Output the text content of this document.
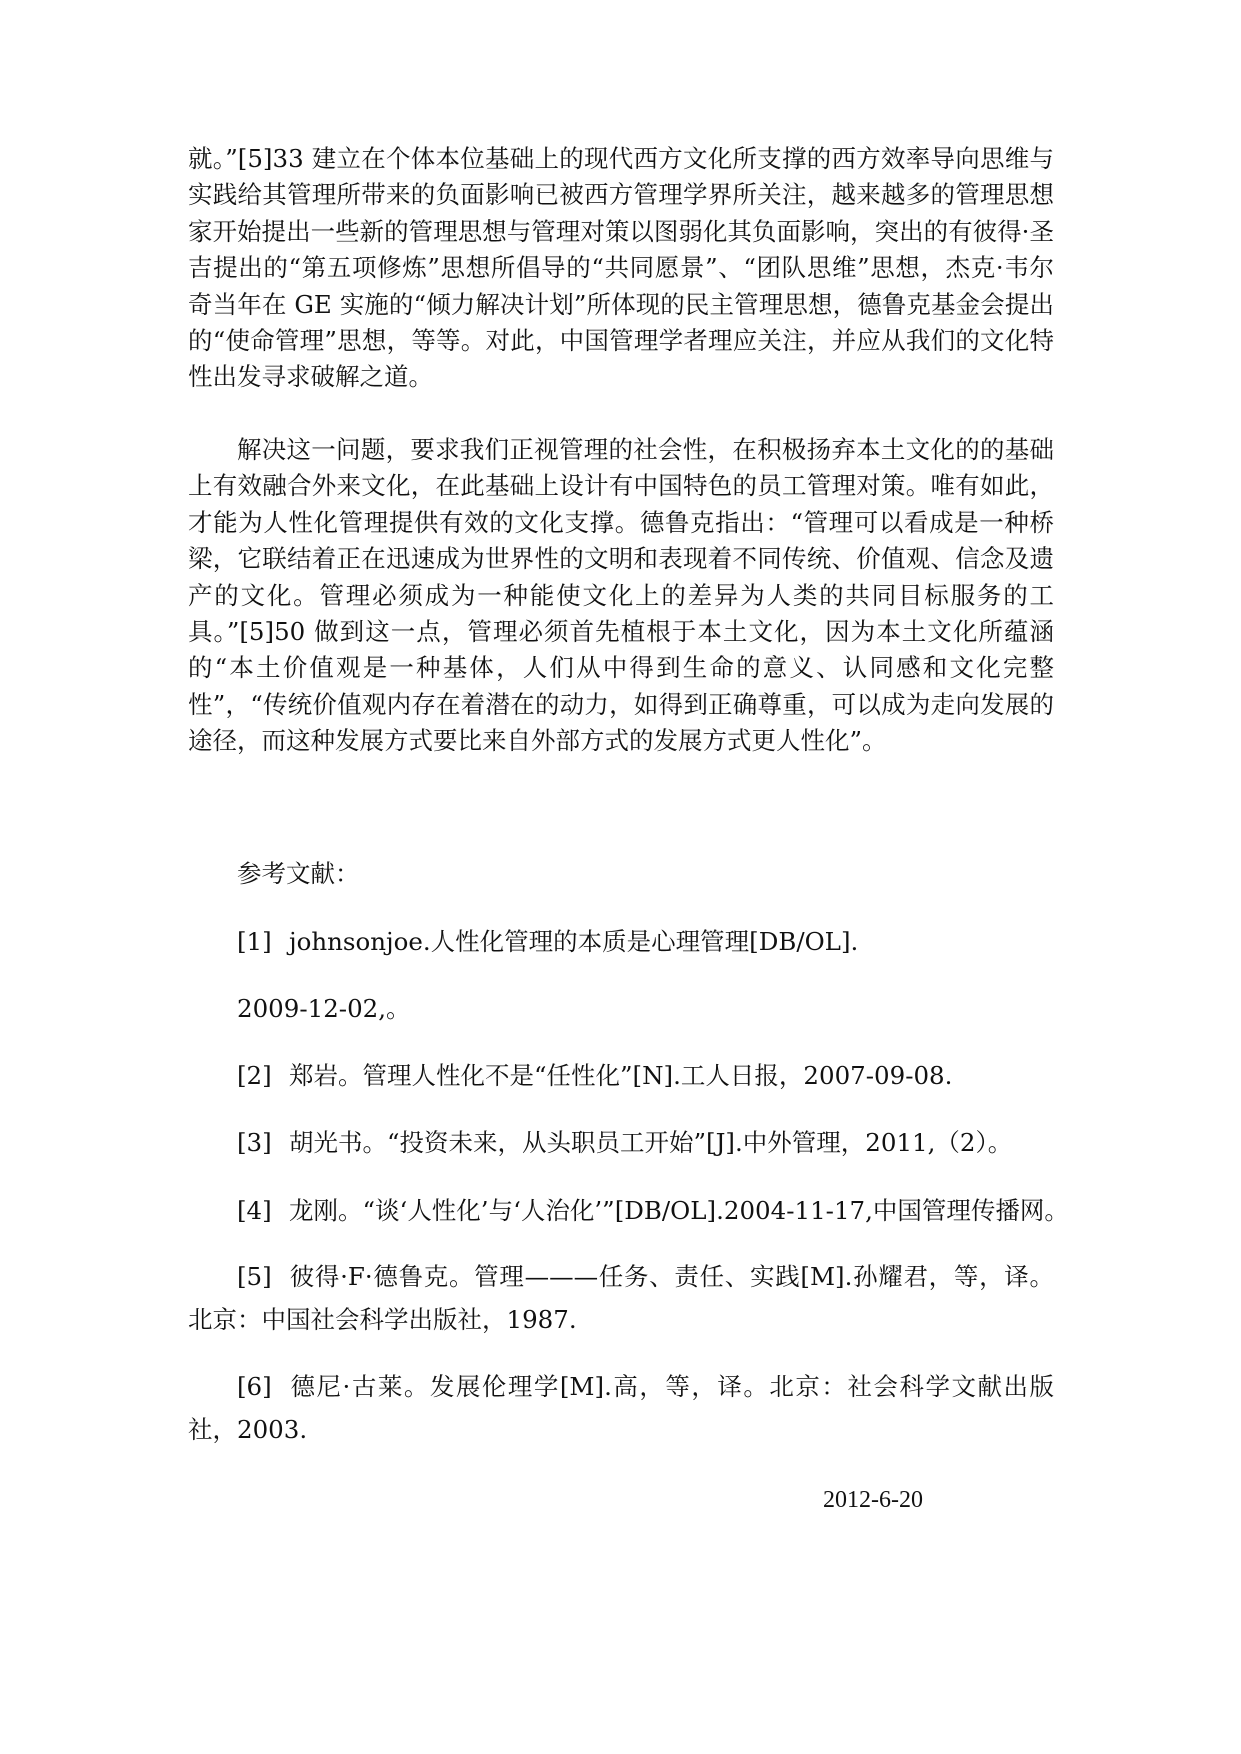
就。”[5]33 建立在个体本位基础上的现代西方文化所支撑的西方效率导向思维与实践给其管理所带来的负面影响已被西方管理学界所关注，越来越多的管理思想家开始提出一些新的管理思想与管理对策以图弱化其负面影响，突出的有彼得·圣吉提出的“第五项修炼”思想所倡导的“共同愿景”、“团队思维”思想，杰克·韦尔奇当年在 GE 实施的“倾力解决计划”所体现的民主管理思想，德鲁克基金会提出的“使命管理”思想，等等。对此，中国管理学者理应关注，并应从我们的文化特性出发寻求破解之道。

解决这一问题，要求我们正视管理的社会性，在积极扬弃本土文化的的基础上有效融合外来文化，在此基础上设计有中国特色的员工管理对策。唯有如此，才能为人性化管理提供有效的文化支撑。德鲁克指出：“管理可以看成是一种桥梁，它联结着正在迅速成为世界性的文明和表现着不同传统、价值观、信念及遗产的文化。管理必须成为一种能使文化上的差异为人类的共同目标服务的工具。”[5]50 做到这一点，管理必须首先植根于本土文化，因为本土文化所蕴涵的“本土价值观是一种基体，人们从中得到生命的意义、认同感和文化完整性”，“传统价值观内存在着潜在的动力，如得到正确尊重，可以成为走向发展的途径，而这种发展方式要比来自外部方式的发展方式更人性化”。

参考文献：

[1] johnsonjoe.人性化管理的本质是心理管理[DB/OL].

2009-12-02,。

[2] 郑岩。管理人性化不是“任性化”[N].工人日报，2007-09-08.

[3] 胡光书。“投资未来，从头职员工开始”[J].中外管理，2011,（2）。

[4] 龙刚。“谈‘人性化’与‘人治化’”[DB/OL].2004-11-17,中国管理传播网。

[5] 彼得·F·德鲁克。管理———任务、责任、实践[M].孙耀君，等，译。北京：中国社会科学出版社，1987.

[6] 德尼·古莱。发展伦理学[M].高，等，译。北京：社会科学文献出版社，2003.

2012-6-20
